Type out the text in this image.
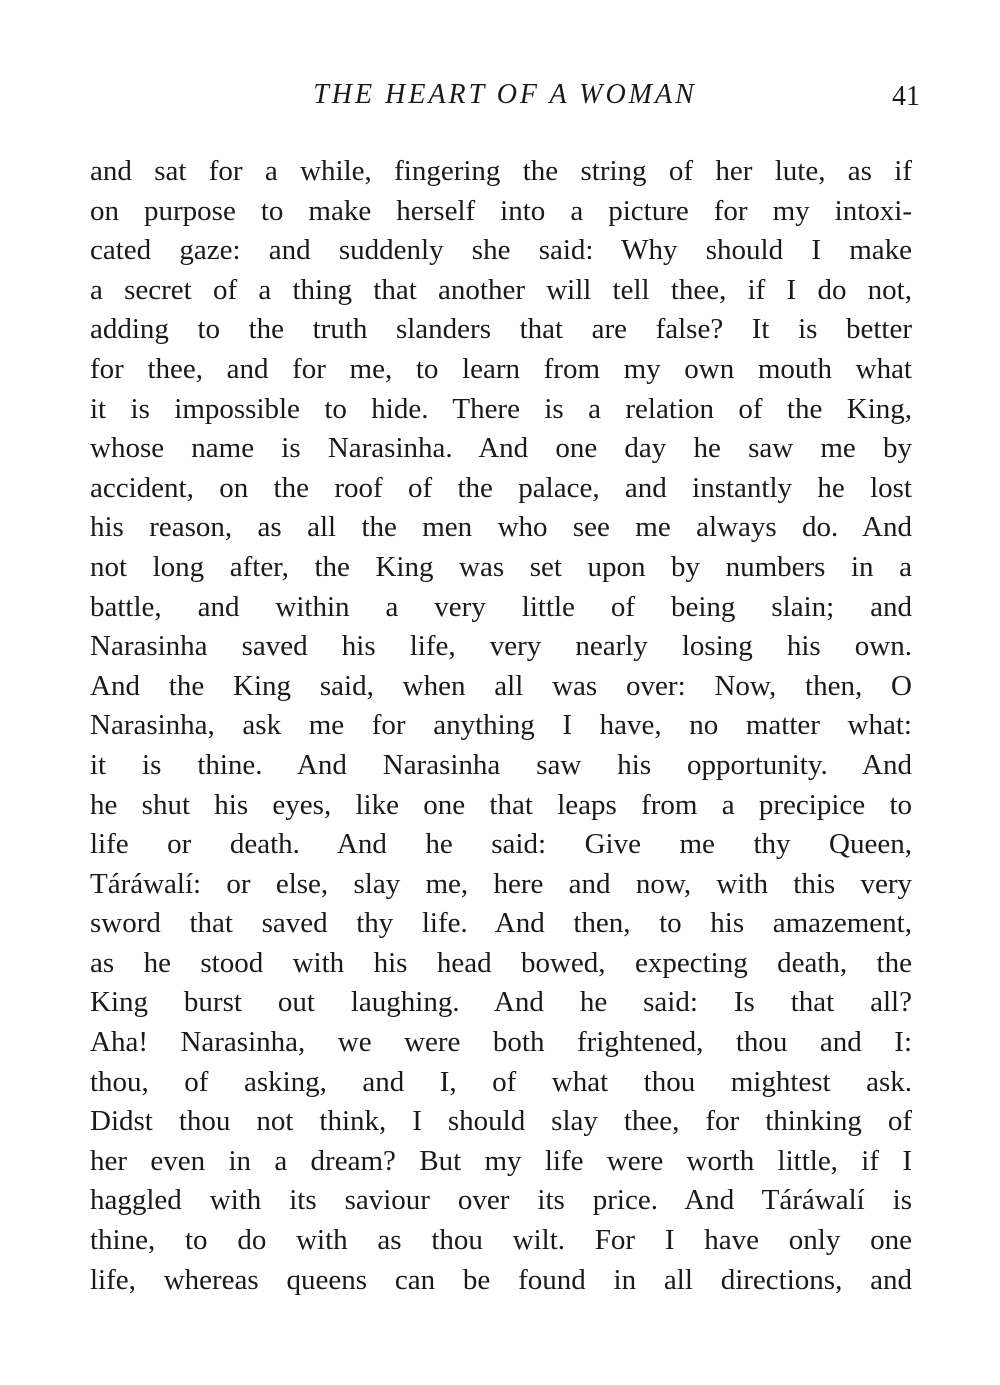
THE HEART OF A WOMAN	41
and sat for a while, fingering the string of her lute, as if
on purpose to make herself into a picture for my intoxi-
cated gaze: and suddenly she said: Why should I make
a secret of a thing that another will tell thee, if I do not,
adding to the truth slanders that are false? It is better
for thee, and for me, to learn from my own mouth what
it is impossible to hide. There is a relation of the King,
whose name is Narasinha. And one day he saw me by
accident, on the roof of the palace, and instantly he lost
his reason, as all the men who see me always do. And
not long after, the King was set upon by numbers in a
battle, and within a very little of being slain; and
Narasinha saved his life, very nearly losing his own.
And the King said, when all was over: Now, then, O
Narasinha, ask me for anything I have, no matter what:
it is thine. And Narasinha saw his opportunity. And
he shut his eyes, like one that leaps from a precipice to
life or death. And he said: Give me thy Queen,
Táráwalí: or else, slay me, here and now, with this very
sword that saved thy life. And then, to his amazement,
as he stood with his head bowed, expecting death, the
King burst out laughing. And he said: Is that all?
Aha! Narasinha, we were both frightened, thou and I:
thou, of asking, and I, of what thou mightest ask.
Didst thou not think, I should slay thee, for thinking of
her even in a dream? But my life were worth little, if I
haggled with its saviour over its price. And Táráwalí is
thine, to do with as thou wilt. For I have only one
life, whereas queens can be found in all directions, and
